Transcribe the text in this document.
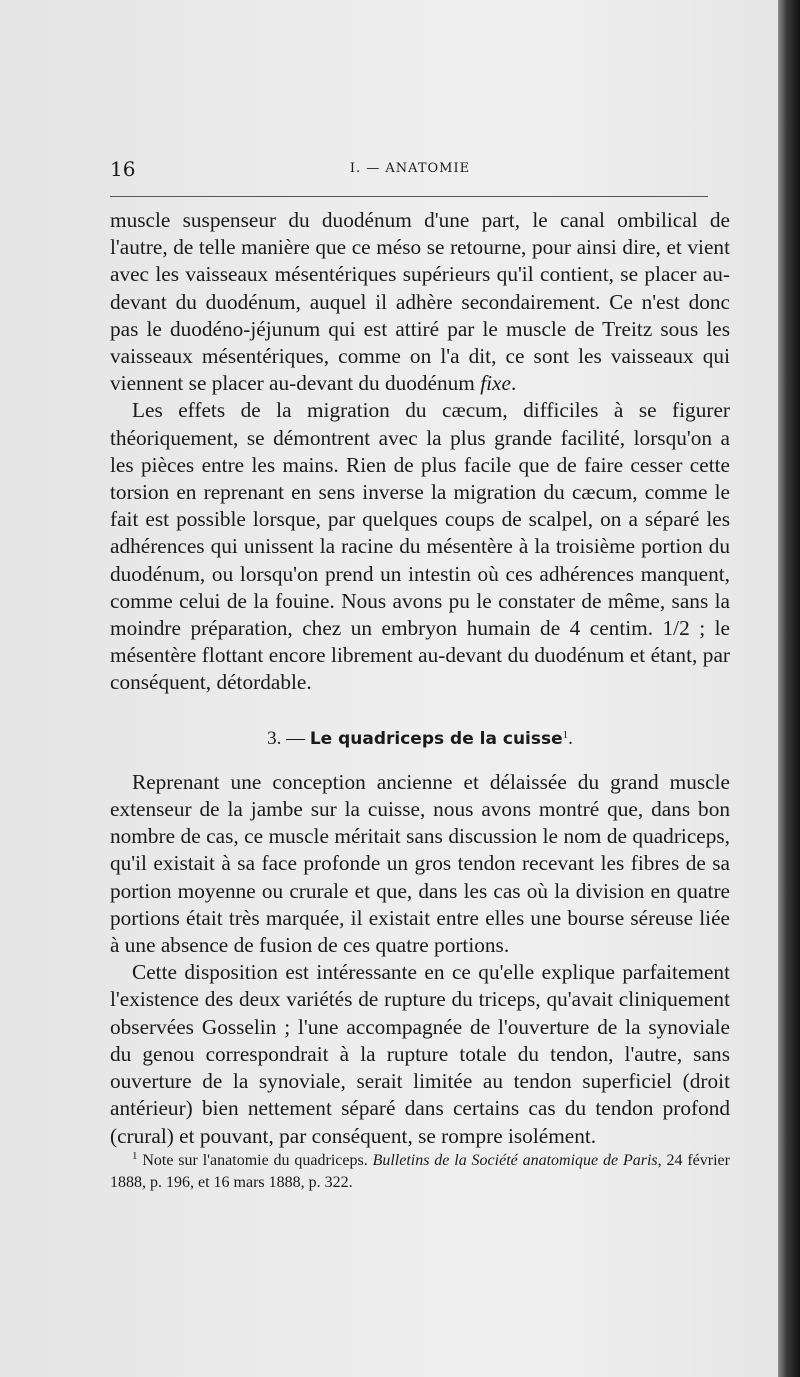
16	I. — ANATOMIE

muscle suspenseur du duodénum d'une part, le canal ombilical de l'autre, de telle manière que ce méso se retourne, pour ainsi dire, et vient avec les vaisseaux mésentériques supérieurs qu'il contient, se placer au-devant du duodénum, auquel il adhère secondairement. Ce n'est donc pas le duodéno-jéjunum qui est attiré par le muscle de Treitz sous les vaisseaux mésentériques, comme on l'a dit, ce sont les vaisseaux qui viennent se placer au-devant du duodénum fixe.

Les effets de la migration du cæcum, difficiles à se figurer théoriquement, se démontrent avec la plus grande facilité, lorsqu'on a les pièces entre les mains. Rien de plus facile que de faire cesser cette torsion en reprenant en sens inverse la migration du cæcum, comme le fait est possible lorsque, par quelques coups de scalpel, on a séparé les adhérences qui unissent la racine du mésentère à la troisième portion du duodénum, ou lorsqu'on prend un intestin où ces adhérences manquent, comme celui de la fouine. Nous avons pu le constater de même, sans la moindre préparation, chez un embryon humain de 4 centim. 1/2 ; le mésentère flottant encore librement au-devant du duodénum et étant, par conséquent, détordable.

3. — Le quadriceps de la cuisse$^1$.

Reprenant une conception ancienne et délaissée du grand muscle extenseur de la jambe sur la cuisse, nous avons montré que, dans bon nombre de cas, ce muscle méritait sans discussion le nom de quadriceps, qu'il existait à sa face profonde un gros tendon recevant les fibres de sa portion moyenne ou crurale et que, dans les cas où la division en quatre portions était très marquée, il existait entre elles une bourse séreuse liée à une absence de fusion de ces quatre portions.

Cette disposition est intéressante en ce qu'elle explique parfaitement l'existence des deux variétés de rupture du triceps, qu'avait cliniquement observées Gosselin ; l'une accompagnée de l'ouverture de la synoviale du genou correspondrait à la rupture totale du tendon, l'autre, sans ouverture de la synoviale, serait limitée au tendon superficiel (droit antérieur) bien nettement séparé dans certains cas du tendon profond (crural) et pouvant, par conséquent, se rompre isolément.

$^1$ Note sur l'anatomie du quadriceps. Bulletins de la Société anatomique de Paris, 24 février 1888, p. 196, et 16 mars 1888, p. 322.
